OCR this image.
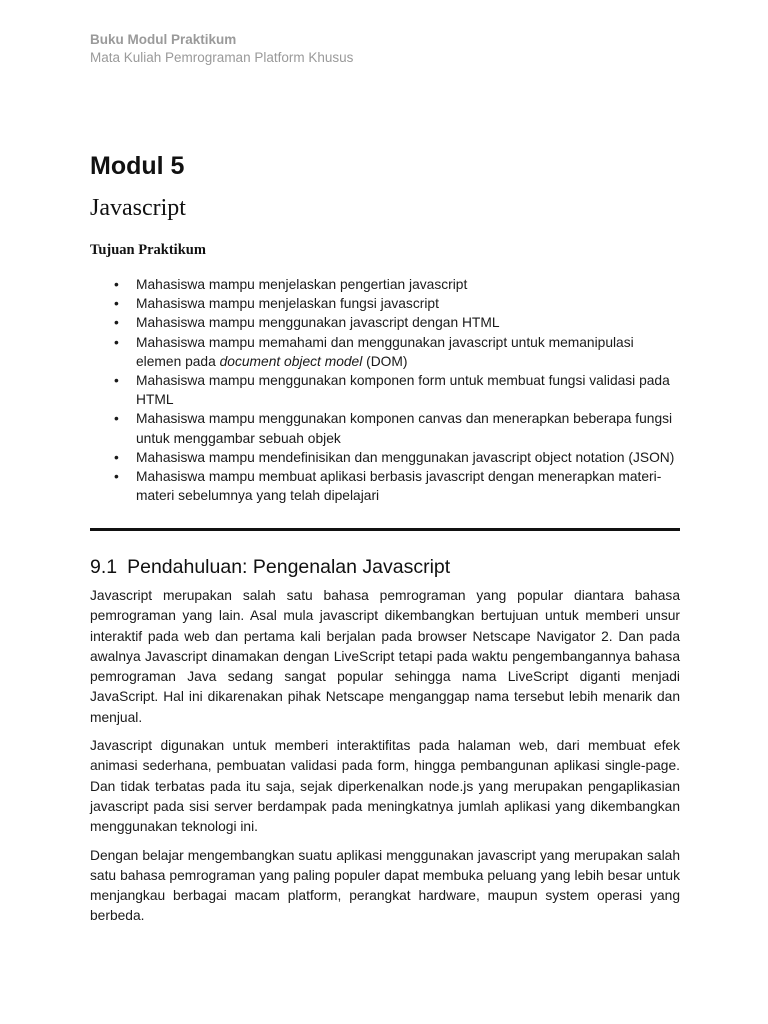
Buku Modul Praktikum
Mata Kuliah Pemrograman Platform Khusus
Modul 5
Javascript
Tujuan Praktikum
• Mahasiswa mampu menjelaskan pengertian javascript
• Mahasiswa mampu menjelaskan fungsi javascript
• Mahasiswa mampu menggunakan javascript dengan HTML
• Mahasiswa mampu memahami dan menggunakan javascript untuk memanipulasi elemen pada document object model (DOM)
• Mahasiswa mampu menggunakan komponen form untuk membuat fungsi validasi pada HTML
• Mahasiswa mampu menggunakan komponen canvas dan menerapkan beberapa fungsi untuk menggambar sebuah objek
• Mahasiswa mampu mendefinisikan dan menggunakan javascript object notation (JSON)
• Mahasiswa mampu membuat aplikasi berbasis javascript dengan menerapkan materi-materi sebelumnya yang telah dipelajari
9.1 Pendahuluan: Pengenalan Javascript

Javascript merupakan salah satu bahasa pemrograman yang popular diantara bahasa pemrograman yang lain. Asal mula javascript dikembangkan bertujuan untuk memberi unsur interaktif pada web dan pertama kali berjalan pada browser Netscape Navigator 2. Dan pada awalnya Javascript dinamakan dengan LiveScript tetapi pada waktu pengembangannya bahasa pemrograman Java sedang sangat popular sehingga nama LiveScript diganti menjadi JavaScript. Hal ini dikarenakan pihak Netscape menganggap nama tersebut lebih menarik dan menjual.

Javascript digunakan untuk memberi interaktifitas pada halaman web, dari membuat efek animasi sederhana, pembuatan validasi pada form, hingga pembangunan aplikasi single-page. Dan tidak terbatas pada itu saja, sejak diperkenalkan node.js yang merupakan pengaplikasian javascript pada sisi server berdampak pada meningkatnya jumlah aplikasi yang dikembangkan menggunakan teknologi ini.

Dengan belajar mengembangkan suatu aplikasi menggunakan javascript yang merupakan salah satu bahasa pemrograman yang paling populer dapat membuka peluang yang lebih besar untuk menjangkau berbagai macam platform, perangkat hardware, maupun system operasi yang berbeda.
